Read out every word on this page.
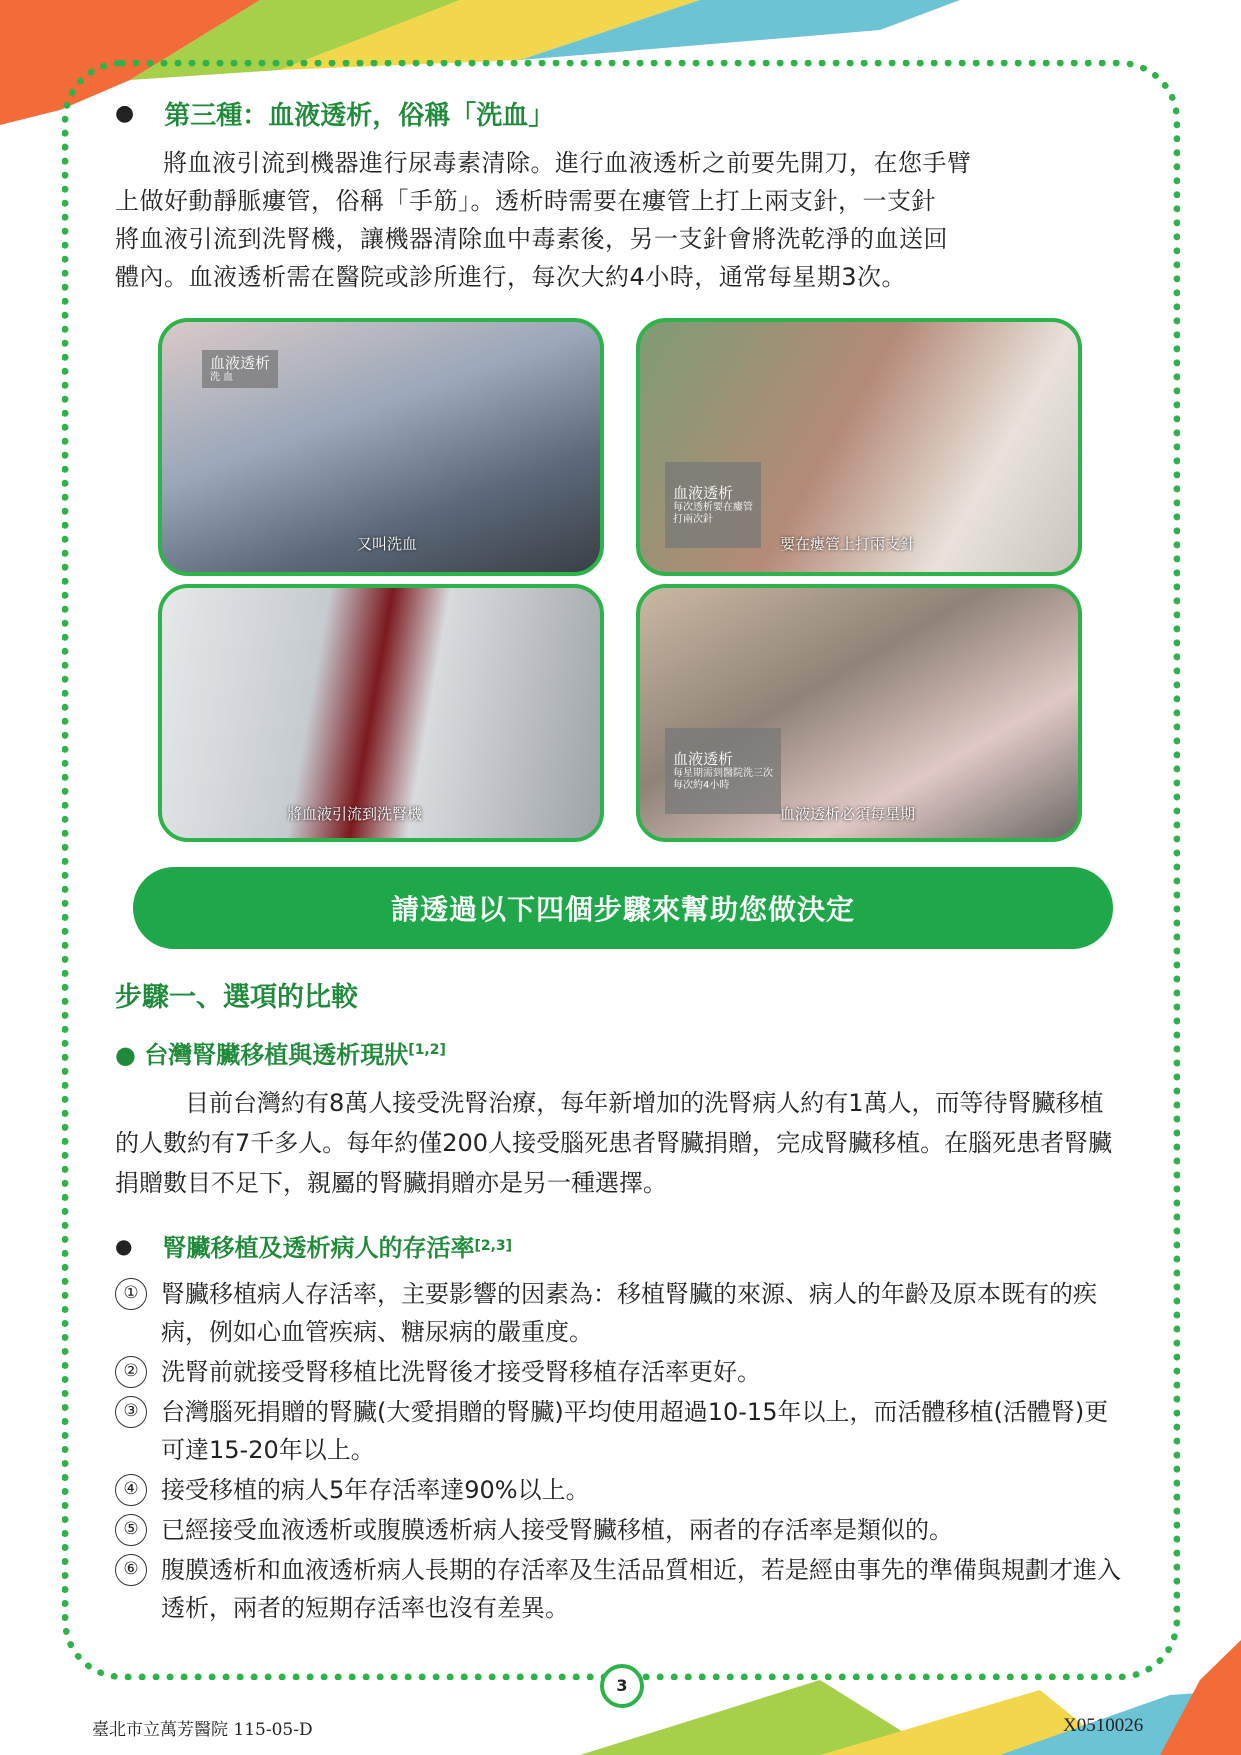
● 第三種：血液透析，俗稱「洗血」

將血液引流到機器進行尿毒素清除。進行血液透析之前要先開刀，在您手臂

上做好動靜脈瘻管，俗稱「手筋」。透析時需要在瘻管上打上兩支針，一支針

將血液引流到洗腎機，讓機器清除血中毒素後，另一支針會將洗乾淨的血送回

體內。血液透析需在醫院或診所進行，每次大約4小時，通常每星期3次。

血液透析
洗 血
又叫洗血

血液透析

每次透析要在瘻管
打兩次針

要在瘻管上打兩支針
將血液引流到洗腎機

血液透析

每星期需到醫院洗三次
每次約4小時

血液透析必須每星期
請透過以下四個步驟來幫助您做決定
步驟一、選項的比較
● 台灣腎臟移植與透析現狀[1,2]

目前台灣約有8萬人接受洗腎治療，每年新增加的洗腎病人約有1萬人，而等待腎臟移植的人數約有7千多人。每年約僅200人接受腦死患者腎臟捐贈，完成腎臟移植。在腦死患者腎臟捐贈數目不足下，親屬的腎臟捐贈亦是另一種選擇。

● 腎臟移植及透析病人的存活率 [2,3]
① 腎臟移植病人存活率，主要影響的因素為：移植腎臟的來源、病人的年齡及原本既有的疾病，例如心血管疾病、糖尿病的嚴重度。
② 洗腎前就接受腎移植比洗腎後才接受腎移植存活率更好。
③ 台灣腦死捐贈的腎臟(大愛捐贈的腎臟)平均使用超過10-15年以上，而活體移植(活體腎)更可達15-20年以上。
④ 接受移植的病人5年存活率達90%以上。
⑤ 已經接受血液透析或腹膜透析病人接受腎臟移植，兩者的存活率是類似的。
⑥ 腹膜透析和血液透析病人長期的存活率及生活品質相近，若是經由事先的準備與規劃才進入透析，兩者的短期存活率也沒有差異。
3
臺北市立萬芳醫院 115-05-D	X0510026
